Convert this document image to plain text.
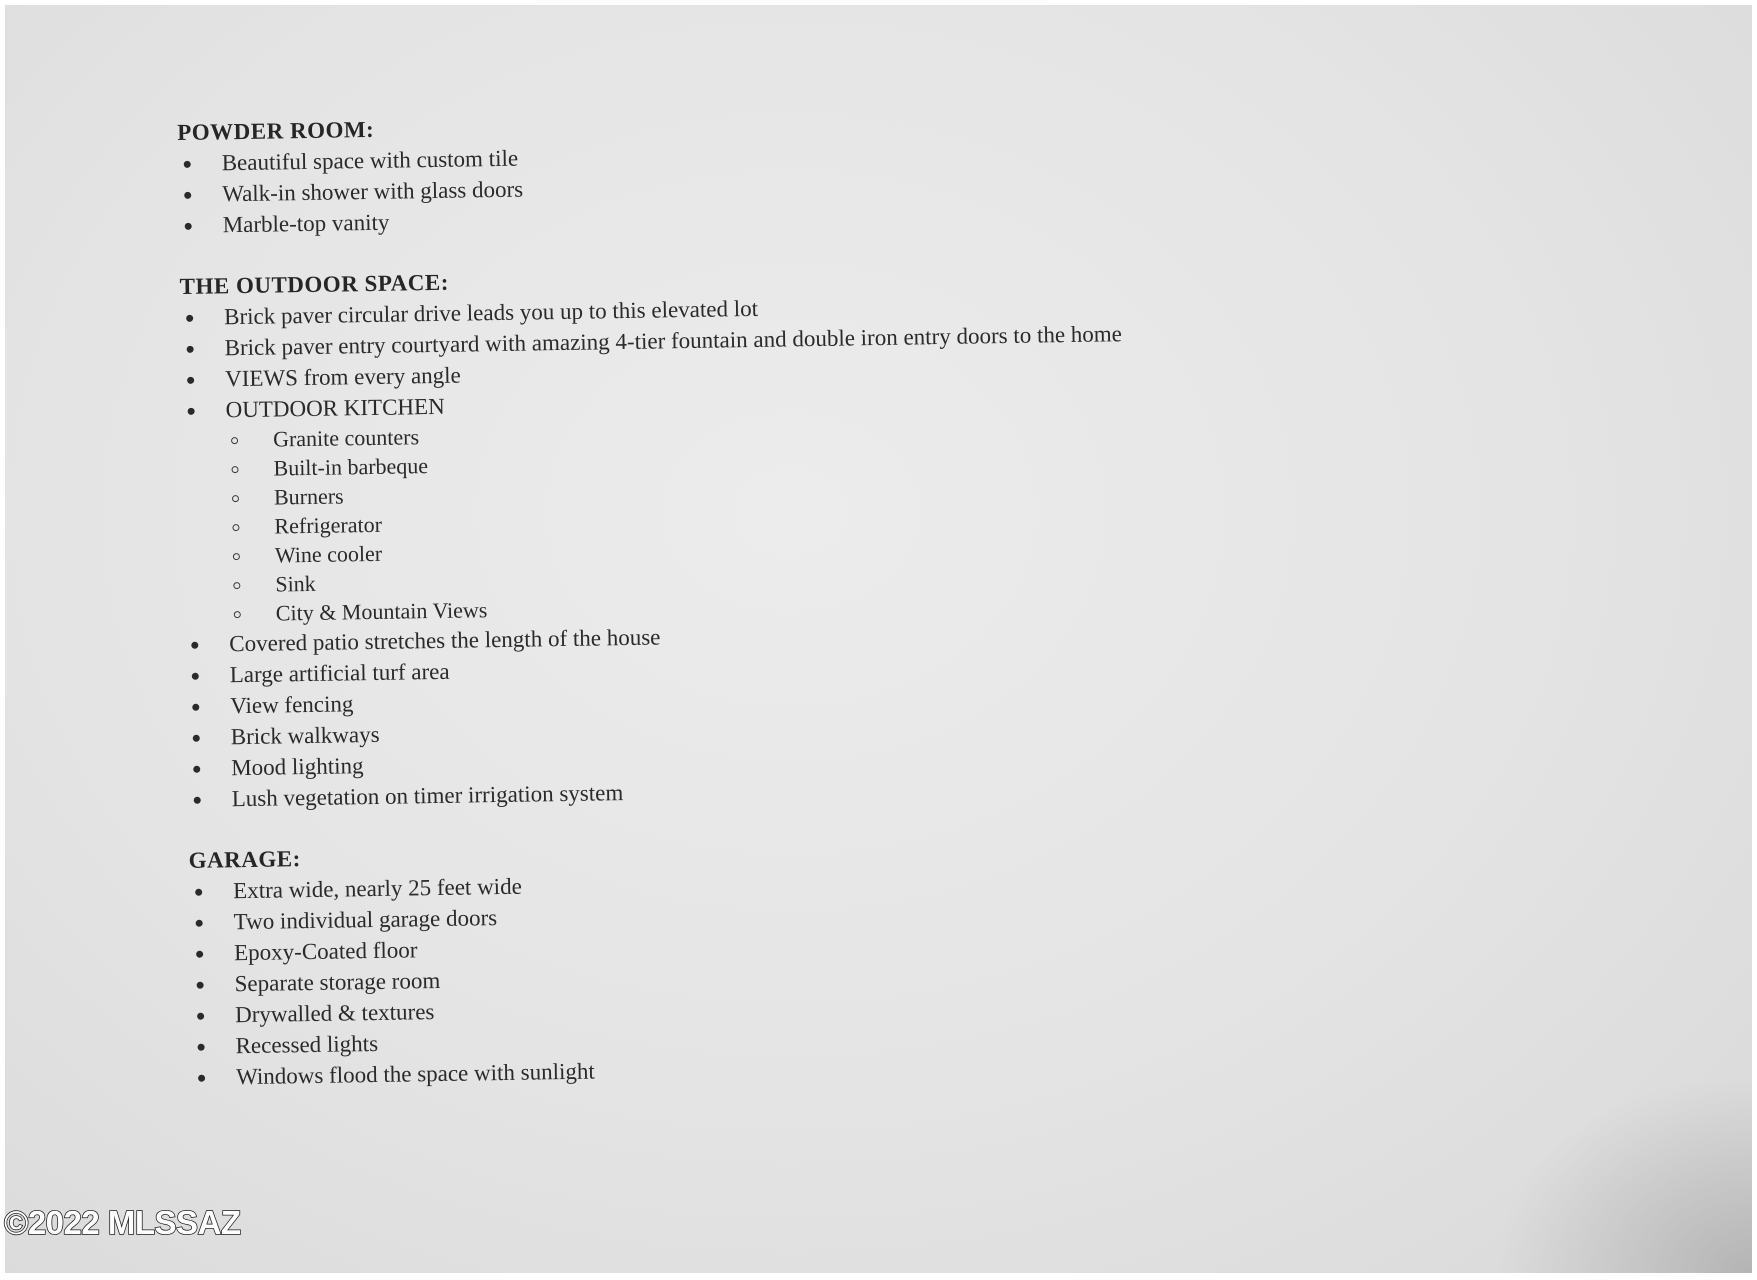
POWDER ROOM:
Beautiful space with custom tile
Walk-in shower with glass doors
Marble-top vanity
THE OUTDOOR SPACE:
Brick paver circular drive leads you up to this elevated lot
Brick paver entry courtyard with amazing 4-tier fountain and double iron entry doors to the home
VIEWS from every angle
OUTDOOR KITCHEN
Granite counters
Built-in barbeque
Burners
Refrigerator
Wine cooler
Sink
City & Mountain Views
Covered patio stretches the length of the house
Large artificial turf area
View fencing
Brick walkways
Mood lighting
Lush vegetation on timer irrigation system
GARAGE:
Extra wide, nearly 25 feet wide
Two individual garage doors
Epoxy-Coated floor
Separate storage room
Drywalled & textures
Recessed lights
Windows flood the space with sunlight
©2022 MLSSAZ
